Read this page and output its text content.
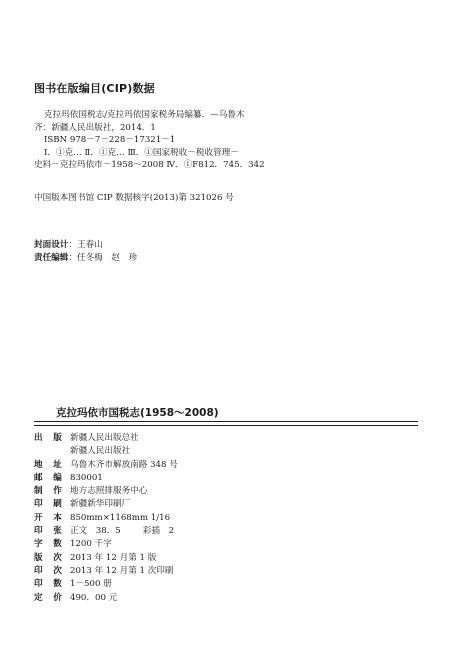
图书在版编目(CIP)数据
克拉玛依国税志/克拉玛依国家税务局编纂．—乌鲁木
齐：新疆人民出版社，2014．1
ISBN 978－7－228－17321－1
Ⅰ．①克… Ⅱ．①克… Ⅲ．①国家税收－税收管理－
史料－克拉玛依市－1958～2008 Ⅳ．①F812．745．342
中国版本图书馆 CIP 数据核字(2013)第 321026 号
封面设计：王春山
责任编辑：任冬梅　赵　珍
克拉玛依市国税志(1958～2008)
出　版 新疆人民出版总社
新疆人民出版社
地　址 乌鲁木齐市解放南路 348 号
邮　编 830001
制　作 地方志照排服务中心
印　刷 新疆新华印刷厂
开　本 850mm×1168mm 1/16
印　张 正文　38．5	彩插　2
字　数 1200 千字
版　次 2013 年 12 月第 1 版
印　次 2013 年 12 月第 1 次印刷
印　数 1－500 册
定　价 490．00 元
